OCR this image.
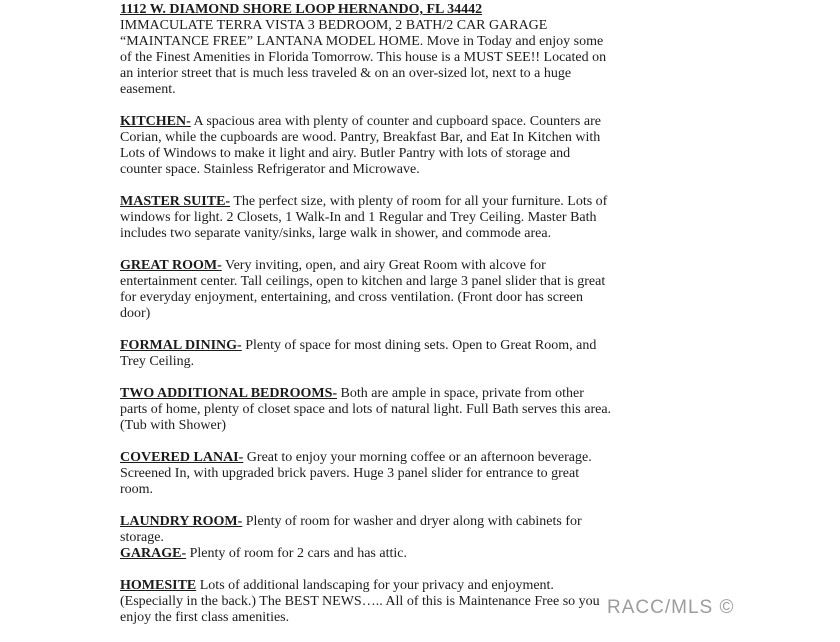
1112 W. DIAMOND SHORE LOOP HERNANDO, FL 34442
IMMACULATE TERRA VISTA 3 BEDROOM, 2 BATH/2 CAR GARAGE “MAINTANCE FREE” LANTANA MODEL HOME. Move in Today and enjoy some of the Finest Amenities in Florida Tomorrow. This house is a MUST SEE!! Located on an interior street that is much less traveled & on an over-sized lot, next to a huge easement.

KITCHEN- A spacious area with plenty of counter and cupboard space. Counters are Corian, while the cupboards are wood. Pantry, Breakfast Bar, and Eat In Kitchen with Lots of Windows to make it light and airy. Butler Pantry with lots of storage and counter space. Stainless Refrigerator and Microwave.

MASTER SUITE- The perfect size, with plenty of room for all your furniture. Lots of windows for light. 2 Closets, 1 Walk-In and 1 Regular and Trey Ceiling. Master Bath includes two separate vanity/sinks, large walk in shower, and commode area.

GREAT ROOM- Very inviting, open, and airy Great Room with alcove for entertainment center. Tall ceilings, open to kitchen and large 3 panel slider that is great for everyday enjoyment, entertaining, and cross ventilation. (Front door has screen door)

FORMAL DINING- Plenty of space for most dining sets. Open to Great Room, and Trey Ceiling.

TWO ADDITIONAL BEDROOMS- Both are ample in space, private from other parts of home, plenty of closet space and lots of natural light. Full Bath serves this area. (Tub with Shower)

COVERED LANAI- Great to enjoy your morning coffee or an afternoon beverage. Screened In, with upgraded brick pavers. Huge 3 panel slider for entrance to great room.

LAUNDRY ROOM- Plenty of room for washer and dryer along with cabinets for storage.

GARAGE- Plenty of room for 2 cars and has attic.

HOMESITE Lots of additional landscaping for your privacy and enjoyment. (Especially in the back.) The BEST NEWS….. All of this is Maintenance Free so you enjoy the first class amenities.	RACC/MLS ©
